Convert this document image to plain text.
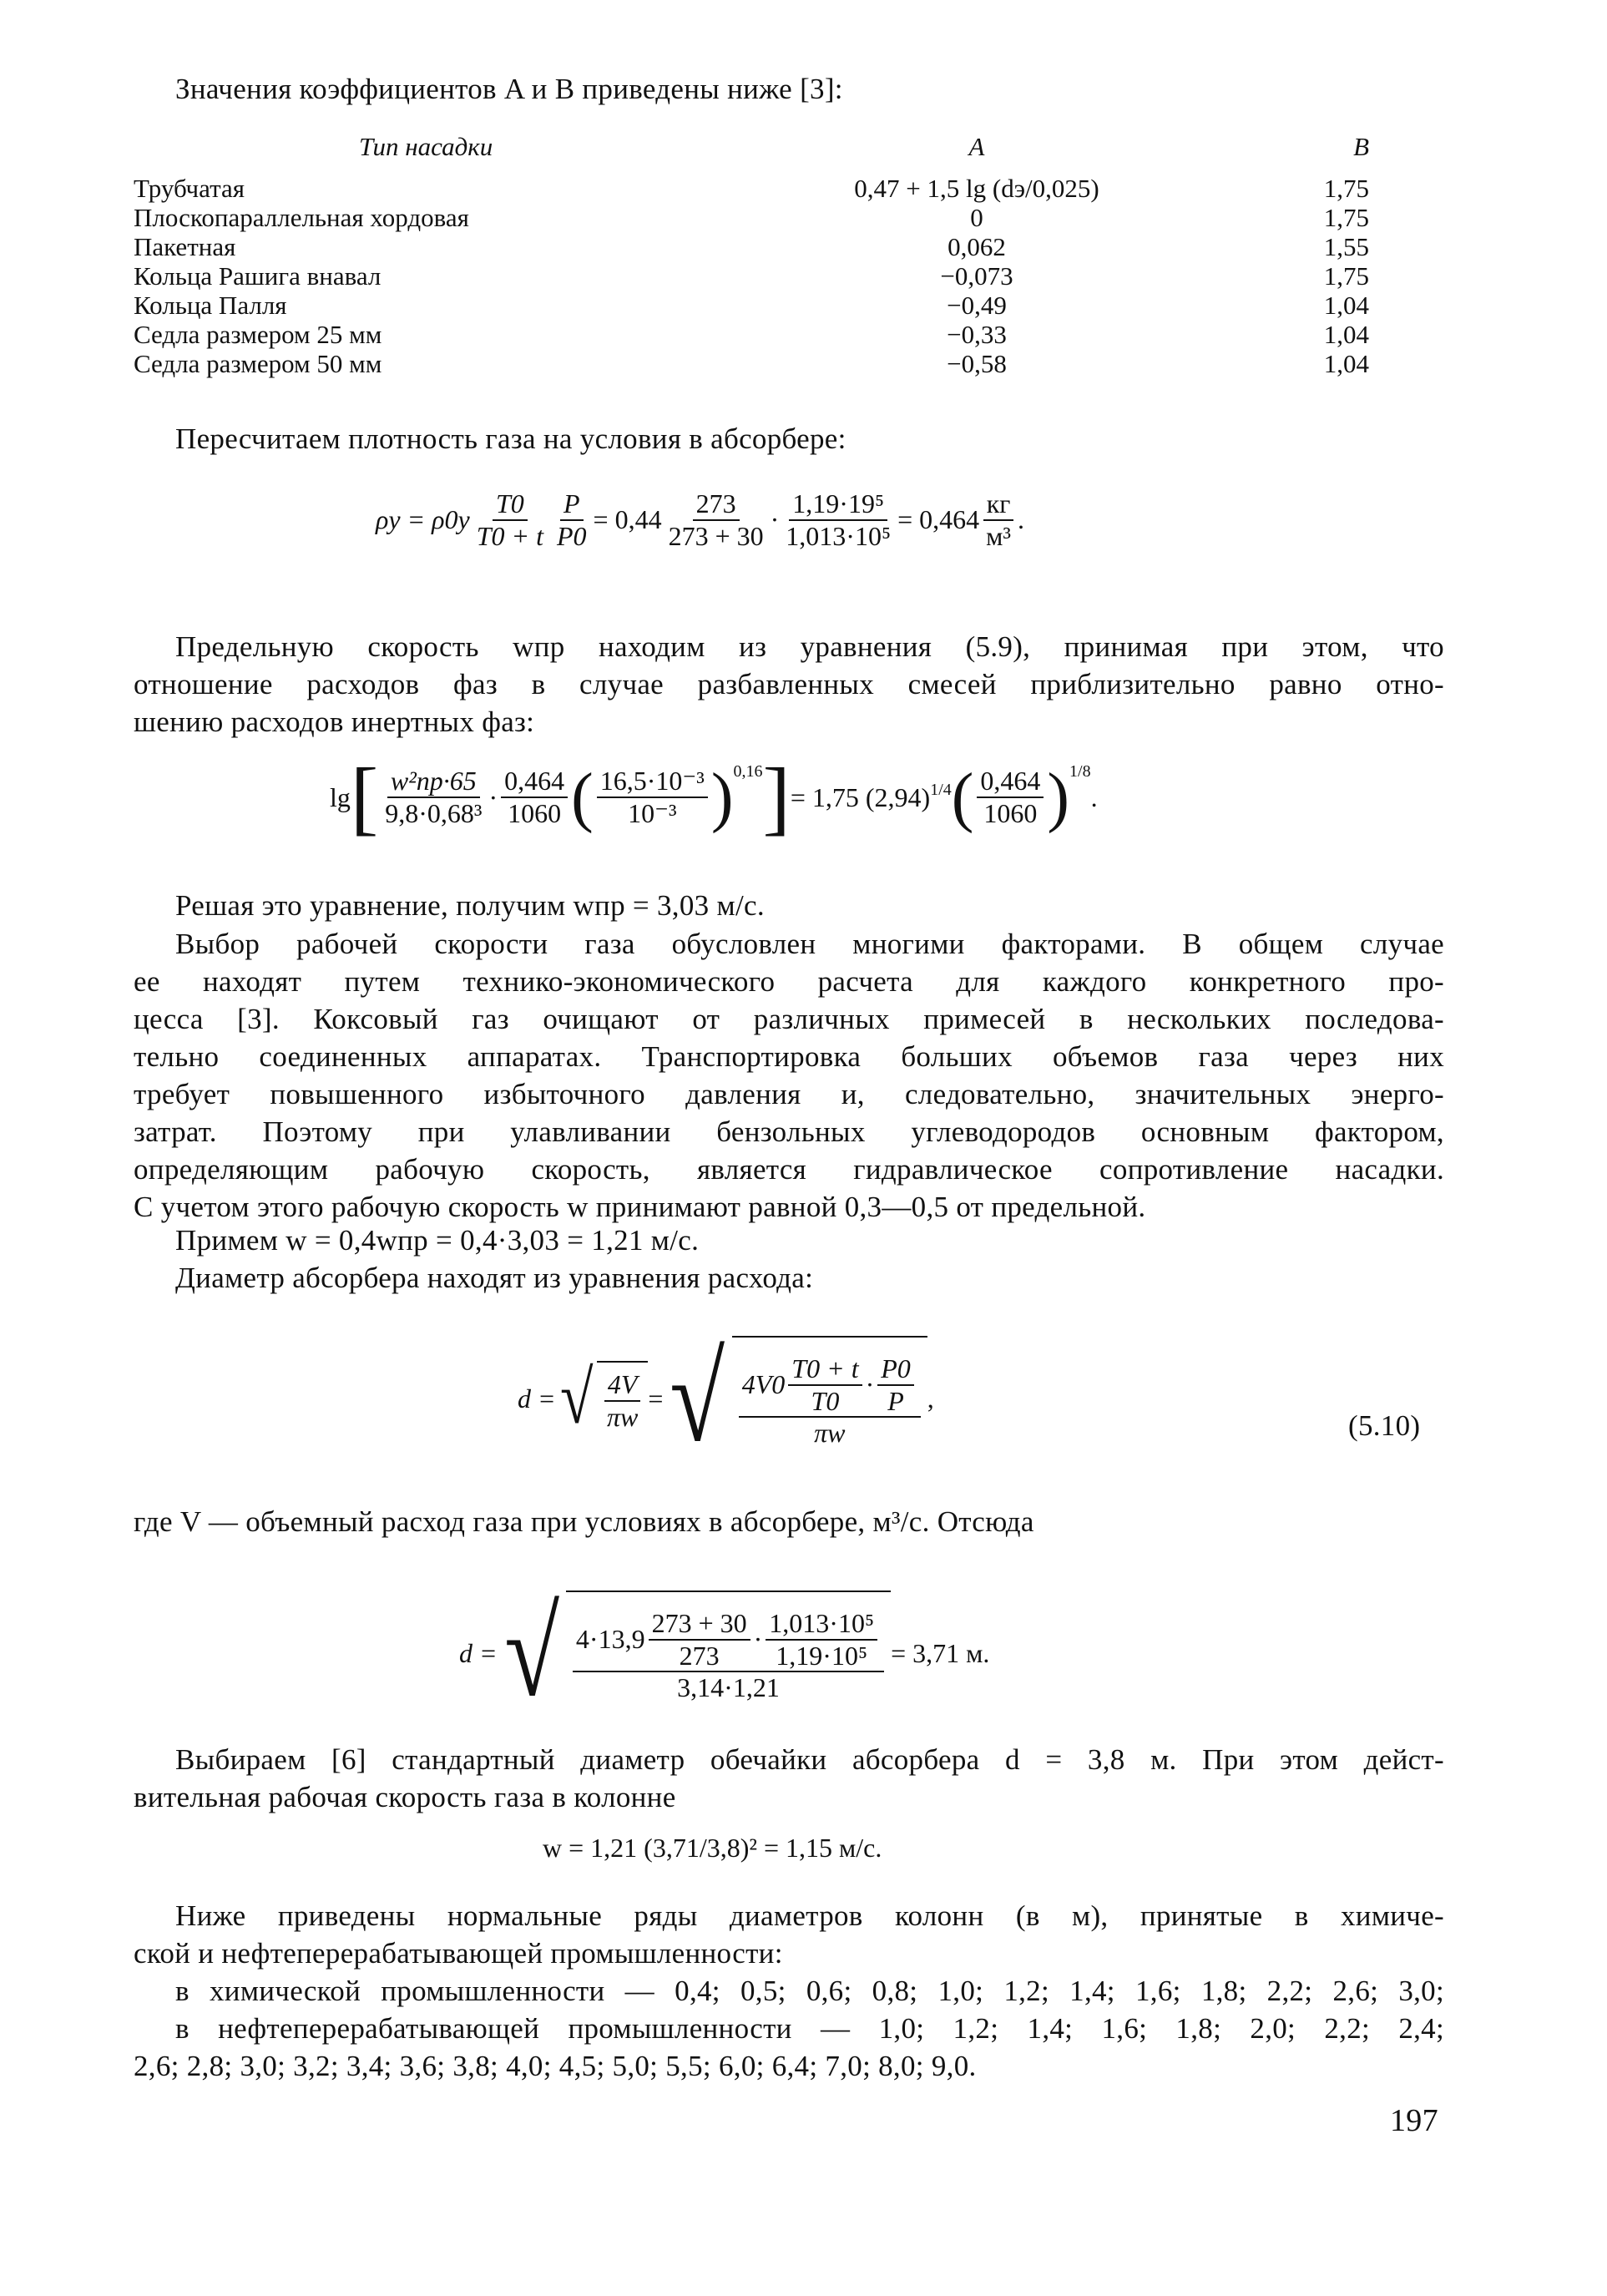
Значения коэффициентов A и B приведены ниже [3]:
Тип насадки	A	B
Трубчатая	0,47 + 1,5 lg (dэ/0,025)	1,75
Плоскопараллельная хордовая	0	1,75
Пакетная	0,062	1,55
Кольца Рашига внавал	−0,073	1,75
Кольца Палля	−0,49	1,04
Седла размером 25 мм	−0,33	1,04
Седла размером 50 мм	−0,58	1,04
Пересчитаем плотность газа на условия в абсорбере:
$\rho y = \rho 0y \frac{T0}{T0 + t} \frac{P}{P0} = 0,44 \frac{273}{273 + 30} \cdot \frac{\text{1,19·19⁵}}{\text{1,013·10⁵}} = 0,464 \frac{кг}{\text{м³}}$ .
Предельную скорость wпр находим из уравнения (5.9), принимая при этом, что
отношение расходов фаз в случае разбавленных смесей приблизительно равно отно-
шению расходов инертных фаз:
lg [ $\frac{\text{w²пр·65}}{\text{9,8·0,68³}} \cdot \frac{0,464}{1060}$ ( $\frac{\text{16,5·10⁻³}}{\text{10⁻³}}$ ) 0,16 ] = 1,75 (2,94) 1/4 ( $\frac{0,464}{1060}$ ) 1/8
.
Решая это уравнение, получим wпр = 3,03 м/с.
Выбор рабочей скорости газа обусловлен многими факторами. В общем случае
ее находят путем технико-экономического расчета для каждого конкретного про-
цесса [3]. Коксовый газ очищают от различных примесей в нескольких последова-
тельно соединенных аппаратах. Транспортировка больших объемов газа через них
требует повышенного избыточного давления и, следовательно, значительных энерго-
затрат. Поэтому при улавливании бензольных углеводородов основным фактором,
определяющим рабочую скорость, является гидравлическое сопротивление насадки.
С учетом этого рабочую скорость w принимают равной 0,3—0,5 от предельной.
Примем w = 0,4wпр = 0,4·3,03 = 1,21 м/с.
Диаметр абсорбера находят из уравнения расхода:
d = √ $\frac{4V}{\pi w}$ = √ $\frac{4V0 \frac{T0 + t}{T0} \cdot \frac{P0}{P}}{\pi w}$ ,
(5.10)
где V — объемный расход газа при условиях в абсорбере, м³/с. Отсюда
d = √ $4\cdot 13,9 \frac{273 + 30}{273} \cdot \frac{\text{1,013·10⁵}}{\text{1,19·10⁵}}$
3,14·1,21
= 3,71 м.
Выбираем [6] стандартный диаметр обечайки абсорбера d = 3,8 м. При этом дейст-
вительная рабочая скорость газа в колонне
w = 1,21 (3,71/3,8)² = 1,15 м/с.
Ниже приведены нормальные ряды диаметров колонн (в м), принятые в химиче-
ской и нефтеперерабатывающей промышленности:
в химической промышленности — 0,4; 0,5; 0,6; 0,8; 1,0; 1,2; 1,4; 1,6; 1,8; 2,2; 2,6; 3,0;
в нефтеперерабатывающей промышленности — 1,0; 1,2; 1,4; 1,6; 1,8; 2,0; 2,2; 2,4;
2,6; 2,8; 3,0; 3,2; 3,4; 3,6; 3,8; 4,0; 4,5; 5,0; 5,5; 6,0; 6,4; 7,0; 8,0; 9,0.
197
